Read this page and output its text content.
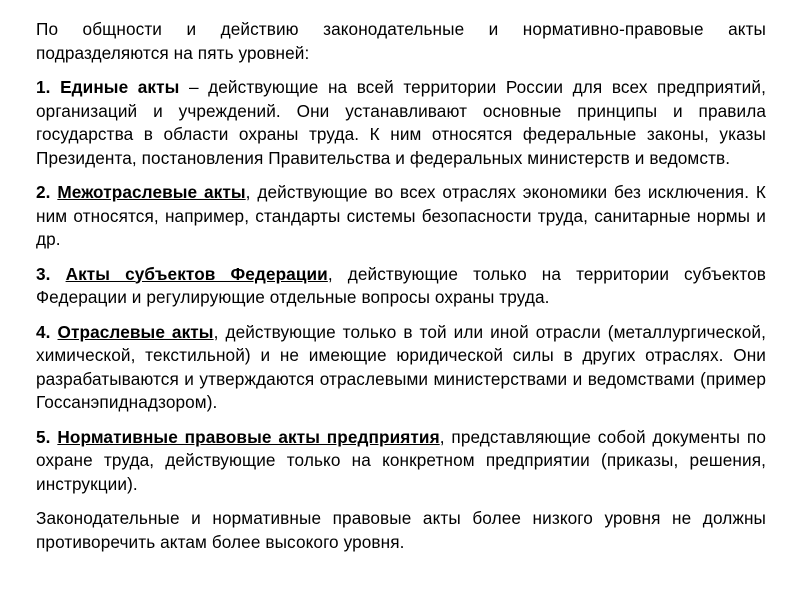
По общности и действию законодательные и нормативно-правовые акты подразделяются на пять уровней:

1. Единые акты – действующие на всей территории России для всех предприятий, организаций и учреждений. Они устанавливают основные принципы и правила государства в области охраны труда. К ним относятся федеральные законы, указы Президента, постановления Правительства и федеральных министерств и ведомств.

2. Межотраслевые акты, действующие во всех отраслях экономики без исключения. К ним относятся, например, стандарты системы безопасности труда, санитарные нормы и др.

3. Акты субъектов Федерации, действующие только на территории субъектов Федерации и регулирующие отдельные вопросы охраны труда.

4. Отраслевые акты, действующие только в той или иной отрасли (металлургической, химической, текстильной) и не имеющие юридической силы в других отраслях. Они разрабатываются и утверждаются отраслевыми министерствами и ведомствами (пример Госсанэпиднадзором).

5. Нормативные правовые акты предприятия, представляющие собой документы по охране труда, действующие только на конкретном предприятии (приказы, решения, инструкции).

Законодательные и нормативные правовые акты более низкого уровня не должны противоречить актам более высокого уровня.
